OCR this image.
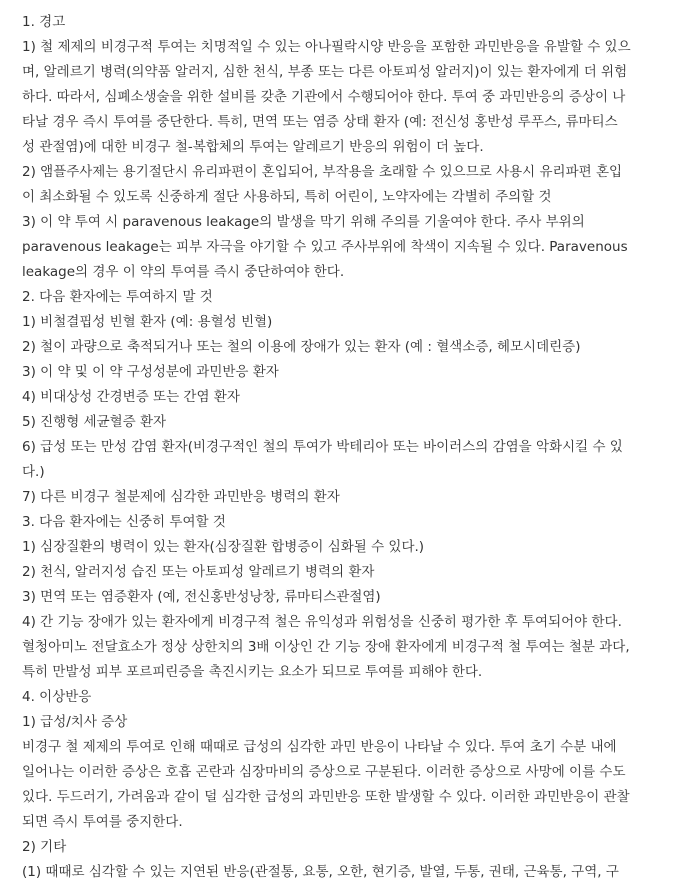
1. 경고
1) 철 제제의 비경구적 투여는 치명적일 수 있는 아나필락시양 반응을 포함한 과민반응을 유발할 수 있으
며, 알레르기 병력(의약품 알러지, 심한 천식, 부종 또는 다른 아토피성 알러지)이 있는 환자에게 더 위험
하다. 따라서, 심폐소생술을 위한 설비를 갖춘 기관에서 수행되어야 한다. 투여 중 과민반응의 증상이 나
타날 경우 즉시 투여를 중단한다. 특히, 면역 또는 염증 상태 환자 (예: 전신성 홍반성 루푸스, 류마티스
성 관절염)에 대한 비경구 철-복합체의 투여는 알레르기 반응의 위험이 더 높다.
2) 앰플주사제는 용기절단시 유리파편이 혼입되어, 부작용을 초래할 수 있으므로 사용시 유리파편 혼입
이 최소화될 수 있도록 신중하게 절단 사용하되, 특히 어린이, 노약자에는 각별히 주의할 것
3) 이 약 투여 시 paravenous leakage의 발생을 막기 위해 주의를 기울여야 한다. 주사 부위의
paravenous leakage는 피부 자극을 야기할 수 있고 주사부위에 착색이 지속될 수 있다. Paravenous
leakage의 경우 이 약의 투여를 즉시 중단하여야 한다.
2. 다음 환자에는 투여하지 말 것
1) 비철결핍성 빈혈 환자 (예: 용혈성 빈혈)
2) 철이 과량으로 축적되거나 또는 철의 이용에 장애가 있는 환자 (예 : 혈색소증, 헤모시데린증)
3) 이 약 및 이 약 구성성분에 과민반응 환자
4) 비대상성 간경변증 또는 간염 환자
5) 진행형 세균혈증 환자
6) 급성 또는 만성 감염 환자(비경구적인 철의 투여가 박테리아 또는 바이러스의 감염을 악화시킬 수 있
다.)
7) 다른 비경구 철분제에 심각한 과민반응 병력의 환자
3. 다음 환자에는 신중히 투여할 것
1) 심장질환의 병력이 있는 환자(심장질환 합병증이 심화될 수 있다.)
2) 천식, 알러지성 습진 또는 아토피성 알레르기 병력의 환자
3) 면역 또는 염증환자 (예, 전신홍반성낭창, 류마티스관절염)
4) 간 기능 장애가 있는 환자에게 비경구적 철은 유익성과 위험성을 신중히 평가한 후 투여되어야 한다.
혈청아미노 전달효소가 정상 상한치의 3배 이상인 간 기능 장애 환자에게 비경구적 철 투여는 철분 과다,
특히 만발성 피부 포르피린증을 촉진시키는 요소가 되므로 투여를 피해야 한다.
4. 이상반응
1) 급성/치사 증상
비경구 철 제제의 투여로 인해 때때로 급성의 심각한 과민 반응이 나타날 수 있다. 투여 초기 수분 내에
일어나는 이러한 증상은 호흡 곤란과 심장마비의 증상으로 구분된다. 이러한 증상으로 사망에 이를 수도
있다. 두드러기, 가려움과 같이 덜 심각한 급성의 과민반응 또한 발생할 수 있다. 이러한 과민반응이 관찰
되면 즉시 투여를 중지한다.
2) 기타
(1) 때때로 심각할 수 있는 지연된 반응(관절통, 요통, 오한, 현기증, 발열, 두통, 권태, 근육통, 구역, 구
